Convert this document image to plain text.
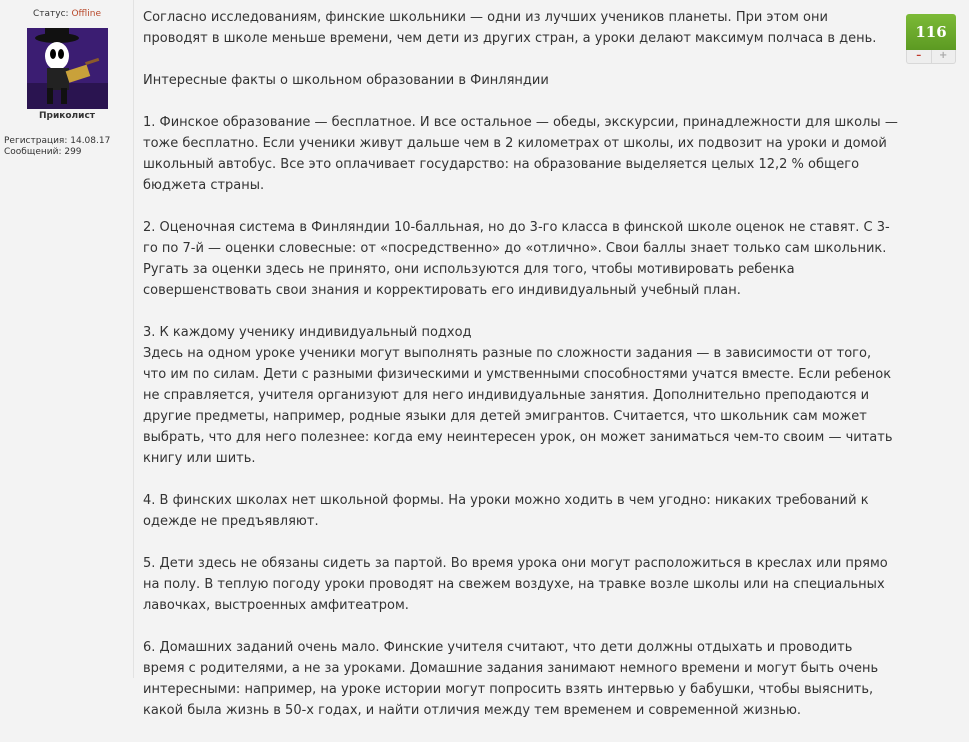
Статус: Offline
Приколист
Регистрация: 14.08.17
Сообщений: 299

Согласно исследованиям, финские школьники — одни из лучших учеников планеты. При этом они проводят в школе меньше времени, чем дети из других стран, а уроки делают максимум полчаса в день.

Интересные факты о школьном образовании в Финляндии

1. Финское образование — бесплатное. И все остальное — обеды, экскурсии, принадлежности для школы — тоже бесплатно. Если ученики живут дальше чем в 2 километрах от школы, их подвозит на уроки и домой школьный автобус. Все это оплачивает государство: на образование выделяется целых 12,2 % общего бюджета страны.

2. Оценочная система в Финляндии 10-балльная, но до 3-го класса в финской школе оценок не ставят. С 3-го по 7-й — оценки словесные: от «посредственно» до «отлично». Свои баллы знает только сам школьник. Ругать за оценки здесь не принято, они используются для того, чтобы мотивировать ребенка совершенствовать свои знания и корректировать его индивидуальный учебный план.

3. К каждому ученику индивидуальный подход
Здесь на одном уроке ученики могут выполнять разные по сложности задания — в зависимости от того, что им по силам. Дети с разными физическими и умственными способностями учатся вместе. Если ребенок не справляется, учителя организуют для него индивидуальные занятия. Дополнительно преподаются и другие предметы, например, родные языки для детей эмигрантов. Считается, что школьник сам может выбрать, что для него полезнее: когда ему неинтересен урок, он может заниматься чем-то своим — читать книгу или шить.

4. В финских школах нет школьной формы. На уроки можно ходить в чем угодно: никаких требований к одежде не предъявляют.

5. Дети здесь не обязаны сидеть за партой. Во время урока они могут расположиться в креслах или прямо на полу. В теплую погоду уроки проводят на свежем воздухе, на травке возле школы или на специальных лавочках, выстроенных амфитеатром.

6. Домашних заданий очень мало. Финские учителя считают, что дети должны отдыхать и проводить время с родителями, а не за уроками. Домашние задания занимают немного времени и могут быть очень интересными: например, на уроке истории могут попросить взять интервью у бабушки, чтобы выяснить, какой была жизнь в 50-х годах, и найти отличия между тем временем и современной жизнью.

116
–	+
